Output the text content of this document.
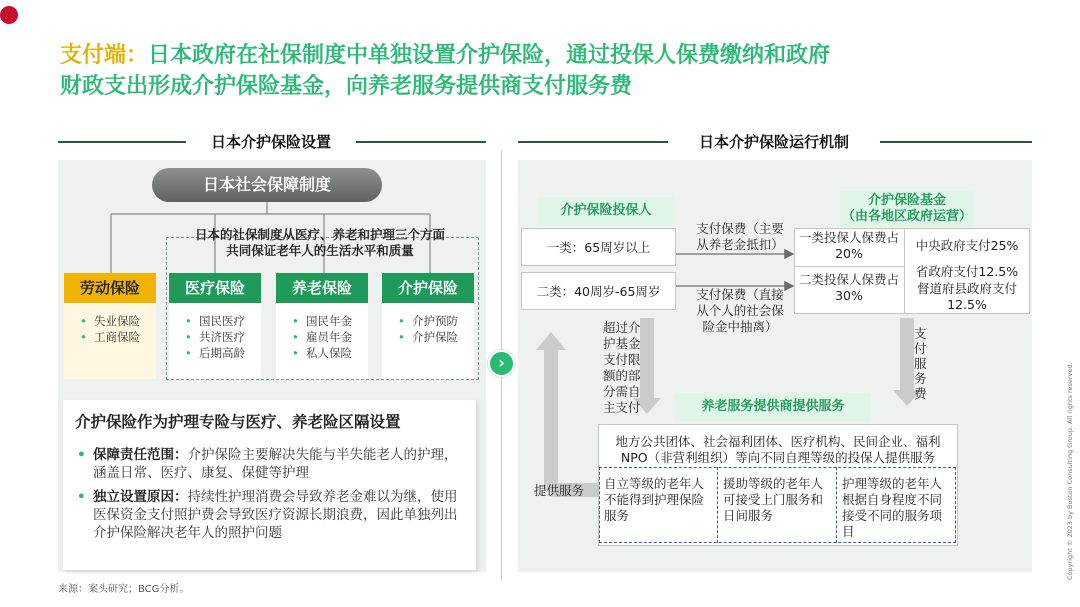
支付端：日本政府在社保制度中单独设置介护保险，通过投保人保费缴纳和政府
财政支出形成介护保险基金，向养老服务提供商支付服务费
日本介护保险设置	日本介护保险运行机制
日本社会保障制度
日本的社保制度从医疗、养老和护理三个方面
共同保证老年人的生活水平和质量
劳动保险
• 失业保险
• 工商保险
医疗保险
• 国民医疗
• 共济医疗
• 后期高龄
养老保险
• 国民年金
• 雇员年金
• 私人保险
介护保险
• 介护预防
• 介护保险
介护保险作为护理专险与医疗、养老险区隔设置
• 保障责任范围：介护保险主要解决失能与半失能老人的护理，涵盖日常、医疗、康复、保健等护理
• 独立设置原因：持续性护理消费会导致养老金难以为继，使用医保资金支付照护费会导致医疗资源长期浪费，因此单独列出介护保险解决老年人的照护问题
›
介护保险投保人
一类：65周岁以上
二类：40周岁-65周岁
支付保费（主要
从养老金抵扣）
支付保费（直接
从个人的社会保
险金中抽离）
介护保险基金
（由各地区政府运营）
一类投保人保费占
20%
二类投保人保费占
30%
中央政府支付25%
省政府支付12.5%
督道府县政府支付
12.5%
超过介
护基金
支付限
额的部
分需自
主支付
支付服务费
提供服务
养老服务提供商提供服务
地方公共团体、社会福利团体、医疗机构、民间企业、福利
NPO（非营利组织）等向不同自理等级的投保人提供服务
自立等级的老年人不能得到护理保险服务
援助等级的老年人可接受上门服务和日间服务
护理等级的老年人根据自身程度不同接受不同的服务项目
来源：案头研究；BCG分析。
Copyright © 2023 by Boston Consulting Group. All rights reserved.
